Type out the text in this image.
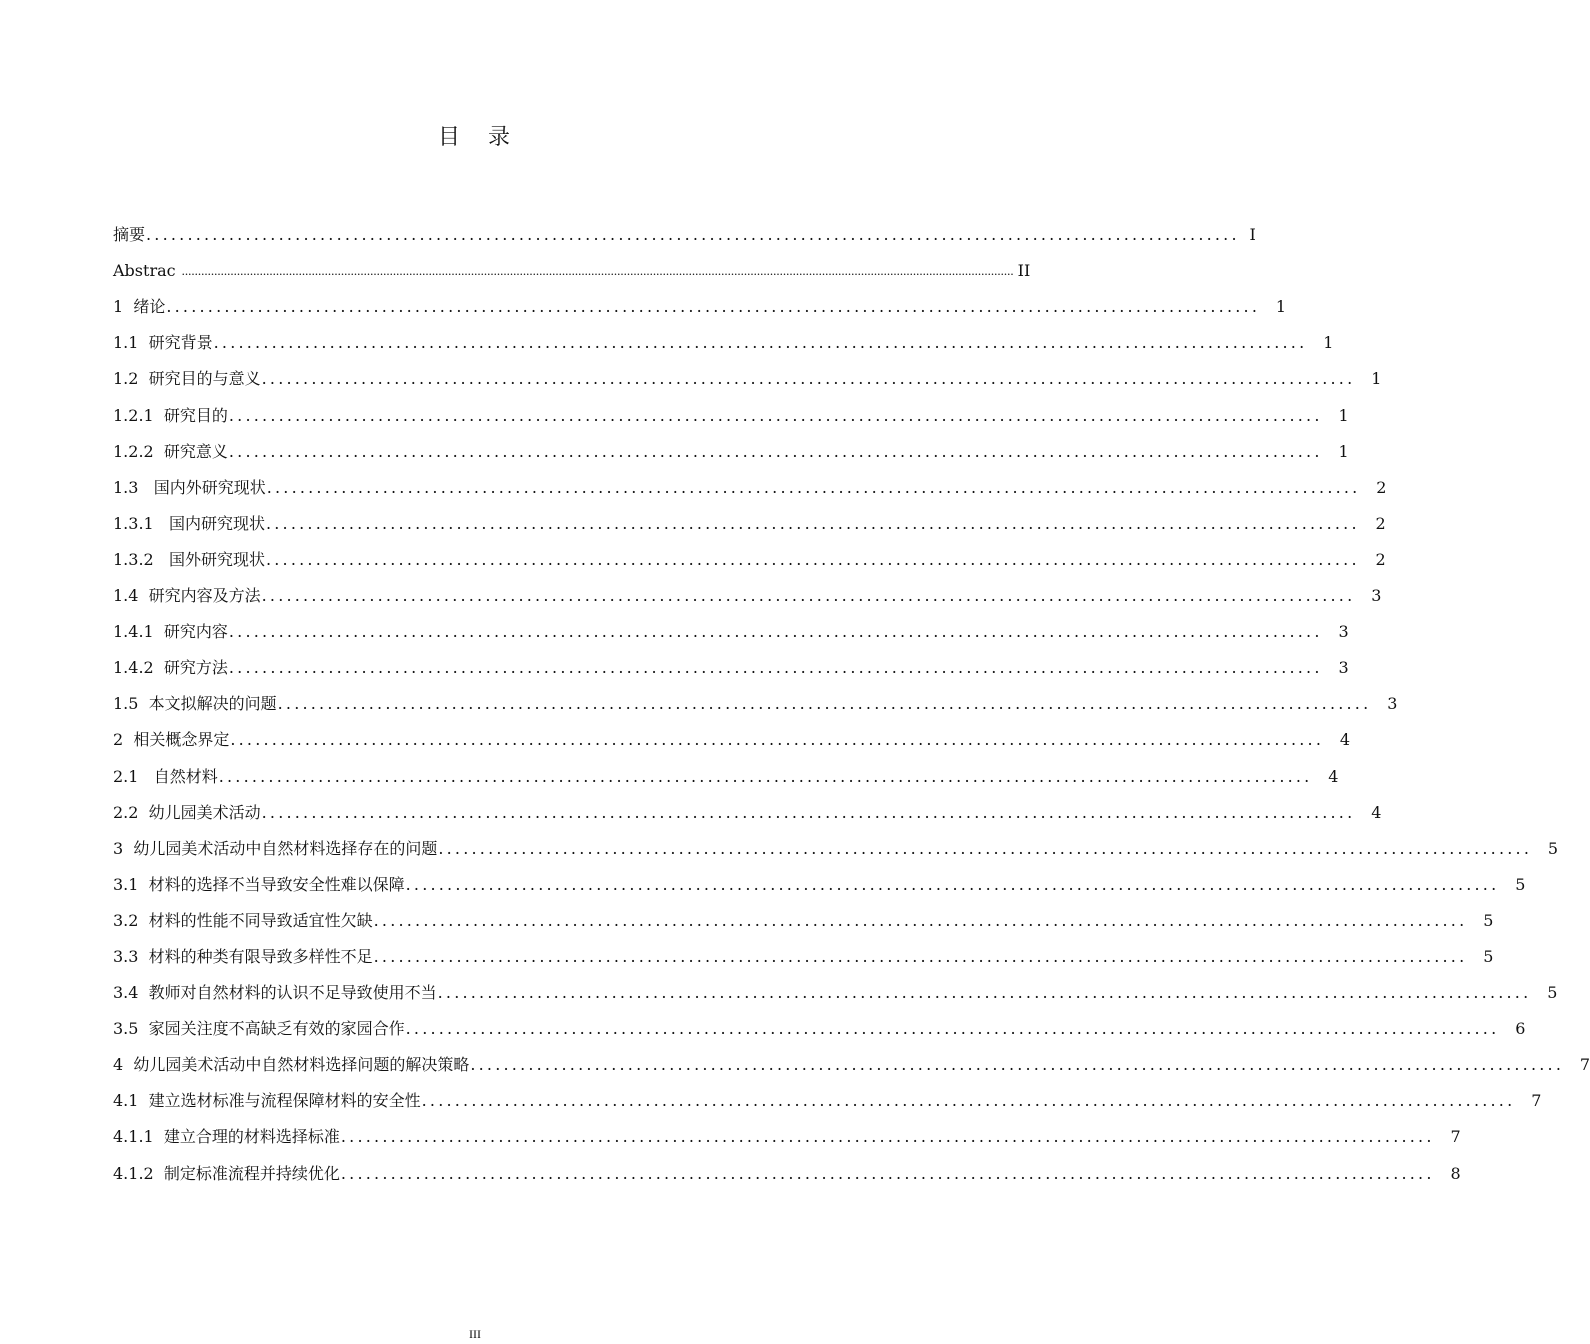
目 录
摘要 .................................................................................................................................... I
Abstrac ................................................................................................................................................................................................................................................................ II
1  绪论 .................................................................................................................................... 1
1.1  研究背景 .................................................................................................................................... 1
1.2  研究目的与意义 .................................................................................................................................... 1
1.2.1  研究目的 .................................................................................................................................... 1
1.2.2  研究意义 .................................................................................................................................... 1
1.3   国内外研究现状 .................................................................................................................................... 2
1.3.1   国内研究现状 .................................................................................................................................... 2
1.3.2   国外研究现状 .................................................................................................................................... 2
1.4  研究内容及方法 .................................................................................................................................... 3
1.4.1  研究内容 .................................................................................................................................... 3
1.4.2  研究方法 .................................................................................................................................... 3
1.5  本文拟解决的问题 .................................................................................................................................... 3
2  相关概念界定 .................................................................................................................................... 4
2.1   自然材料 .................................................................................................................................... 4
2.2  幼儿园美术活动 .................................................................................................................................... 4
3  幼儿园美术活动中自然材料选择存在的问题 .................................................................................................................................... 5
3.1  材料的选择不当导致安全性难以保障 .................................................................................................................................... 5
3.2  材料的性能不同导致适宜性欠缺 .................................................................................................................................... 5
3.3  材料的种类有限导致多样性不足 .................................................................................................................................... 5
3.4  教师对自然材料的认识不足导致使用不当 .................................................................................................................................... 5
3.5  家园关注度不高缺乏有效的家园合作 .................................................................................................................................... 6
4  幼儿园美术活动中自然材料选择问题的解决策略 .................................................................................................................................... 7
4.1  建立选材标准与流程保障材料的安全性 .................................................................................................................................... 7
4.1.1  建立合理的材料选择标准 .................................................................................................................................... 7
4.1.2  制定标准流程并持续优化 .................................................................................................................................... 8
III
